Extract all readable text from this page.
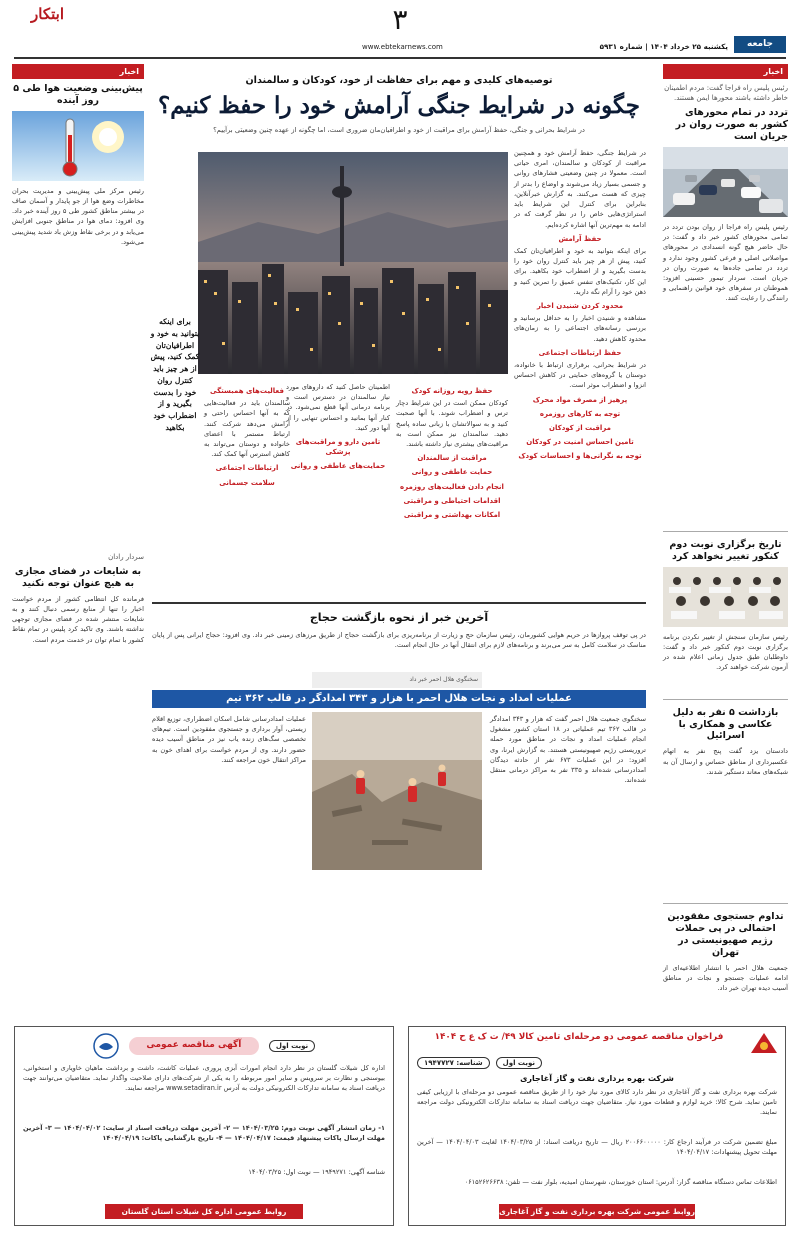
ابتکار	۳
www.ebtekarnews.com	یکشنبه ۲۵ خرداد ۱۴۰۴ | شماره ۵۹۳۱	جامعه
اخبار
رئیس پلیس راه فراجا گفت: مردم اطمینان خاطر داشته باشند محورها ایمن هستند.
تردد در تمام محورهای کشور به صورت روان در جریان است
رئیس پلیس راه فراجا از روان بودن تردد در تمامی محورهای کشور خبر داد و گفت: در حال حاضر هیچ گونه انسدادی در محورهای مواصلاتی اصلی و فرعی کشور وجود ندارد و تردد در تمامی جاده‌ها به صورت روان در جریان است. سردار تیمور حسینی افزود: هموطنان در سفرهای خود قوانین راهنمایی و رانندگی را رعایت کنند.
تاریخ برگزاری نوبت دوم کنکور تغییر نخواهد کرد
رئیس سازمان سنجش از تغییر نکردن برنامه برگزاری نوبت دوم کنکور خبر داد و گفت: داوطلبان طبق جدول زمانی اعلام شده در آزمون شرکت خواهند کرد.
بازداشت ۵ نفر به دلیل عکاسی و همکاری با اسرائیل
دادستان یزد گفت پنج نفر به اتهام عکسبرداری از مناطق حساس و ارسال آن به شبکه‌های معاند دستگیر شدند.
تداوم جستجوی مفقودین احتمالی در پی حملات رژیم صهیونیستی در تهران
جمعیت هلال احمر با انتشار اطلاعیه‌ای از ادامه عملیات جستجو و نجات در مناطق آسیب دیده تهران خبر داد.
اخبار
پیش‌بینی وضعیت هوا طی ۵ روز آینده
رئیس مرکز ملی پیش‌بینی و مدیریت بحران مخاطرات وضع هوا از جو پایدار و آسمان صاف در بیشتر مناطق کشور طی ۵ روز آینده خبر داد. وی افزود: دمای هوا در مناطق جنوبی افزایش می‌یابد و در برخی نقاط وزش باد شدید پیش‌بینی می‌شود.
سردار رادان
به شایعات در فضای مجازی به هیچ عنوان توجه نکنید
فرمانده کل انتظامی کشور از مردم خواست اخبار را تنها از منابع رسمی دنبال کنند و به شایعات منتشر شده در فضای مجازی توجهی نداشته باشند. وی تاکید کرد پلیس در تمام نقاط کشور با تمام توان در خدمت مردم است.
توصیه‌های کلیدی و مهم برای حفاظت از خود، کودکان و سالمندان
چگونه در شرایط جنگی آرامش خود را حفظ کنیم؟
در شرایط بحرانی و جنگی، حفظ آرامش برای مراقبت از خود و اطرافیان‌مان ضروری است، اما چگونه از عهده چنین وضعیتی برآییم؟
در شرایط جنگی، حفظ آرامش خود و همچنین مراقبت از کودکان و سالمندان، امری حیاتی است. معمولا در چنین وضعیتی فشارهای روانی و جسمی بسیار زیاد می‌شوند و اوضاع را بدتر از چیزی که هست می‌کنند. به گزارش خبرآنلاین، بنابراین برای کنترل این شرایط باید استراتژی‌هایی خاص را در نظر گرفت که در ادامه به مهم‌ترین آنها اشاره کرده‌ایم.
حفظ آرامش
برای اینکه بتوانید به خود و اطرافیان‌تان کمک کنید، پیش از هر چیز باید کنترل روان خود را بدست بگیرید و از اضطراب خود بکاهید. برای این کار، تکنیک‌های تنفس عمیق را تمرین کنید و ذهن خود را آرام نگه دارید.
محدود کردن شنیدن اخبار
مشاهده و شنیدن اخبار را به حداقل برسانید و بررسی رسانه‌های اجتماعی را به زمان‌های محدود کاهش دهید.
حفظ ارتباطات اجتماعی
در شرایط بحرانی، برقراری ارتباط با خانواده، دوستان یا گروه‌های حمایتی در کاهش احساس انزوا و اضطراب موثر است.
پرهیز از مصرف مواد محرک
توجه به کارهای روزمره
مراقبت از کودکان
تامین احساس امنیت در کودکان
توجه به نگرانی‌ها و احساسات کودک
برای اینکه بتوانید به خود و اطرافیان‌تان کمک کنید، پیش از هر چیز باید کنترل روان خود را بدست بگیرید و از اضطراب خود بکاهید
حفظ رویه روزانه کودک
کودکان ممکن است در این شرایط دچار ترس و اضطراب شوند. با آنها صحبت کنید و به سوالاتشان با زبانی ساده پاسخ دهید. سالمندان نیز ممکن است به مراقبت‌های بیشتری نیاز داشته باشند.
مراقبت از سالمندان
حمایت عاطفی و روانی
انجام دادن فعالیت‌های روزمره
اقدامات احتیاطی و مراقبتی
امکانات بهداشتی و مراقبتی
اطمینان حاصل کنید که داروهای مورد نیاز سالمندان در دسترس است و برنامه درمانی آنها قطع نمی‌شود. در کنار آنها بمانید و احساس تنهایی را از آنها دور کنید.
تامین دارو و مراقبت‌های پزشکی
حمایت‌های عاطفی و روانی
فعالیت‌های همبستگی
سالمندان باید در فعالیت‌هایی که به آنها احساس راحتی و آرامش می‌دهد شرکت کنند. ارتباط مستمر با اعضای خانواده و دوستان می‌تواند به کاهش استرس آنها کمک کند.
ارتباطات اجتماعی
سلامت جسمانی
آخرین خبر از نحوه بازگشت حجاج
در پی توقف پروازها در حریم هوایی کشورمان، رئیس سازمان حج و زیارت از برنامه‌ریزی برای بازگشت حجاج از طریق مرزهای زمینی خبر داد. وی افزود: حجاج ایرانی پس از پایان مناسک در سلامت کامل به سر می‌برند و برنامه‌های لازم برای انتقال آنها در حال انجام است.
سخنگوی هلال احمر خبر داد
عملیات امداد و نجات هلال احمر با هزار و ۳۴۳ امدادگر در قالب ۳۶۲ تیم
سخنگوی جمعیت هلال احمر گفت که هزار و ۳۴۳ امدادگر در قالب ۳۶۲ تیم عملیاتی در ۱۸ استان کشور مشغول انجام عملیات امداد و نجات در مناطق مورد حمله تروریستی رژیم صهیونیستی هستند. به گزارش ایرنا، وی افزود: در این عملیات ۶۷۳ نفر از حادثه دیدگان امدادرسانی شده‌اند و ۳۳۵ نفر به مراکز درمانی منتقل شده‌اند.
عملیات امدادرسانی شامل اسکان اضطراری، توزیع اقلام زیستی، آوار برداری و جستجوی مفقودین است. تیم‌های تخصصی سگ‌های زنده یاب نیز در مناطق آسیب دیده حضور دارند. وی از مردم خواست برای اهدای خون به مراکز انتقال خون مراجعه کنند.
فراخوان مناقصه عمومی دو مرحله‌ای تامین کالا ۴۹/ ت ک ع ح ۱۴۰۴
شناسه: ۱۹۴۷۷۲۷	نوبت اول
شرکت بهره برداری نفت و گاز آغاجاری
شرکت بهره برداری نفت و گاز آغاجاری در نظر دارد کالای مورد نیاز خود را از طریق مناقصه عمومی دو مرحله‌ای با ارزیابی کیفی تامین نماید. شرح کالا: خرید لوازم و قطعات مورد نیاز. متقاضیان جهت دریافت اسناد به سامانه تدارکات الکترونیکی دولت مراجعه نمایند.
مبلغ تضمین شرکت در فرآیند ارجاع کار: ۲۰۰۶۶۰۰۰۰۰ ریال — تاریخ دریافت اسناد: از ۱۴۰۴/۰۳/۲۵ لغایت ۱۴۰۴/۰۴/۰۳ — آخرین مهلت تحویل پیشنهادات: ۱۴۰۴/۰۴/۱۷
اطلاعات تماس دستگاه مناقصه گزار: آدرس: استان خوزستان، شهرستان امیدیه، بلوار نفت — تلفن: ۰۶۱۵۲۶۲۶۶۳۸
روابط عمومی شرکت بهره برداری نفت و گاز آغاجاری
نوبت اول
آگهی مناقصه عمومی
اداره کل شیلات گلستان در نظر دارد انجام امورات آبزی پروری، عملیات کاشت، داشت و برداشت ماهیان خاویاری و استخوانی، بیوسنجی و نظارت بر سرویس و سایر امور مربوطه را به یکی از شرکت‌های دارای صلاحیت واگذار نماید. متقاضیان می‌توانند جهت دریافت اسناد به سامانه تدارکات الکترونیکی دولت به آدرس www.setadiran.ir مراجعه نمایند.
۱- زمان انتشار آگهی نوبت دوم: ۱۴۰۴/۰۳/۲۵ — ۲- آخرین مهلت دریافت اسناد از سایت: ۱۴۰۴/۰۴/۰۲ — ۳- آخرین مهلت ارسال پاکات پیشنهاد قیمت: ۱۴۰۴/۰۴/۱۷ — ۴- تاریخ بازگشایی پاکات: ۱۴۰۴/۰۴/۱۹
شناسه آگهی: ۱۹۴۹۲۷۱ — نوبت اول: ۱۴۰۴/۰۳/۲۵
روابط عمومی اداره کل شیلات استان گلستان
